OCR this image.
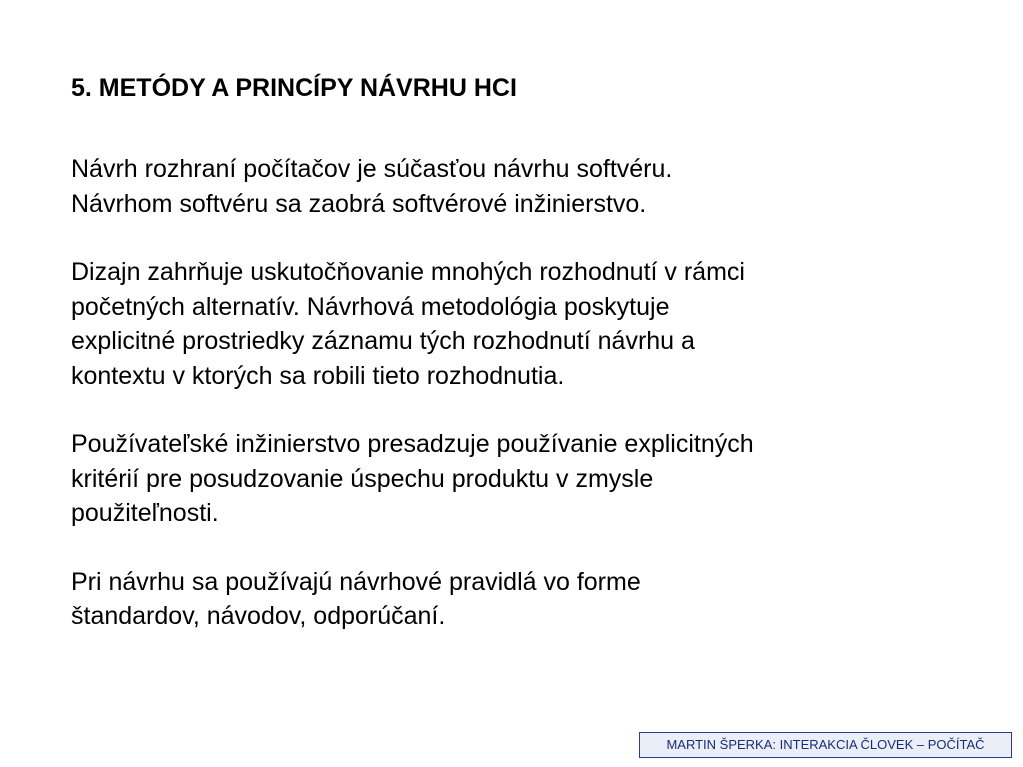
5. METÓDY A PRINCÍPY NÁVRHU HCI

Návrh rozhraní počítačov je súčasťou návrhu softvéru.
Návrhom softvéru sa zaobrá softvérové inžinierstvo.

Dizajn zahrňuje uskutočňovanie mnohých rozhodnutí v rámci
početných alternatív. Návrhová metodológia poskytuje
explicitné prostriedky záznamu tých rozhodnutí návrhu a
kontextu v ktorých sa robili tieto rozhodnutia.

Používateľské inžinierstvo presadzuje používanie explicitných
kritérií pre posudzovanie úspechu produktu v zmysle
použiteľnosti.

Pri návrhu sa používajú návrhové pravidlá vo forme
štandardov, návodov, odporúčaní.

MARTIN ŠPERKA: INTERAKCIA ČLOVEK – POČÍTAČ
